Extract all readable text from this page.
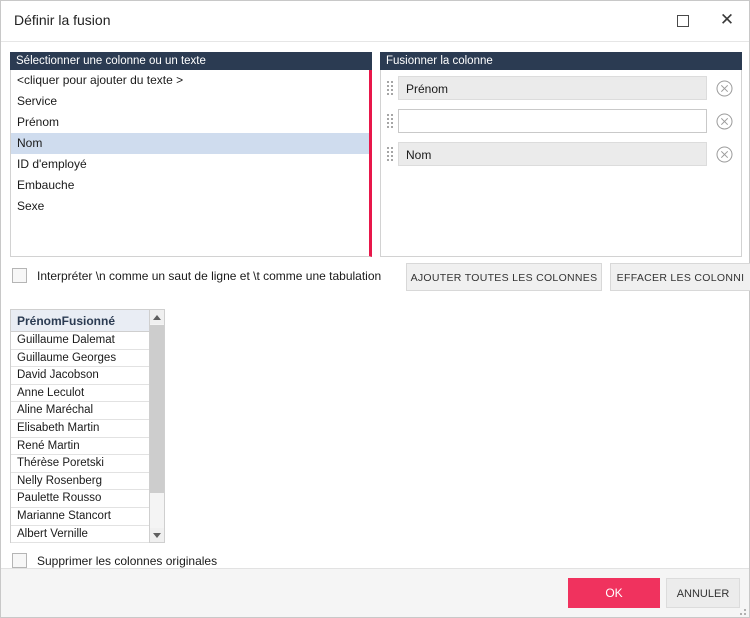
Définir la fusion	✕
Sélectionner une colonne ou un texte
<cliquer pour ajouter du texte >
Service
Prénom
Nom
ID d'employé
Embauche
Sexe
Fusionner la colonne
Prénom
Nom
Interpréter \n comme un saut de ligne et \t comme une tabulation	AJOUTER TOUTES LES COLONNES	EFFACER LES COLONNI
PrénomFusionné
Guillaume Dalemat
Guillaume Georges
David Jacobson
Anne Leculot
Aline Maréchal
Elisabeth Martin
René Martin
Thérèse Poretski
Nelly Rosenberg
Paulette Rousso
Marianne Stancort
Albert Vernille
Supprimer les colonnes originales
OK	ANNULER
